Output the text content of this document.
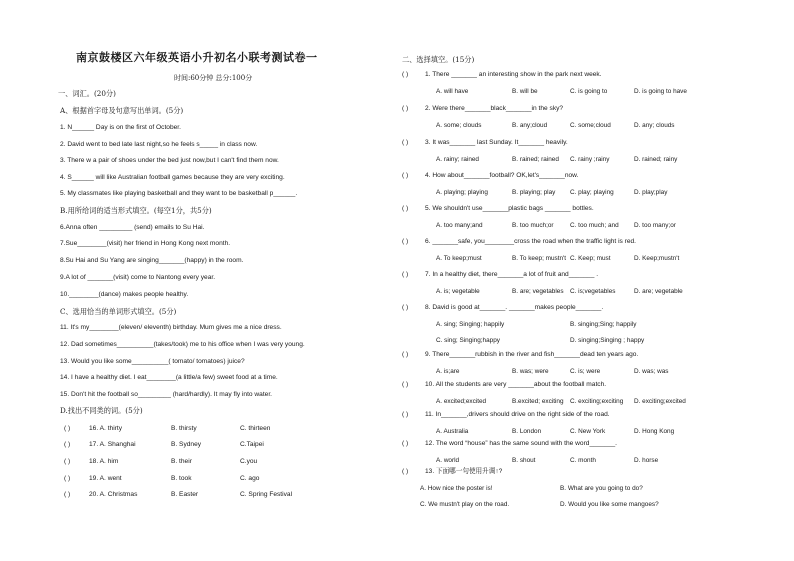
南京鼓楼区六年级英语小升初名小联考测试卷一
时间:60分钟 总分:100分
一、词汇。(20分)
A、根据首字母及句意写出单词。(5分)
1. N______ Day is on the first of October.
2. David went to bed late last night,so he feels s_____ in class now.
3. There w a pair of shoes under the bed just now,but I can't find them now.
4. S______ will like Australian football games because they are very exciting.
5. My classmates like playing basketball and they want to be basketball p______.
B.用所给词的适当形式填空。(每空1分，共5分)
6.Anna often _________ (send) emails to Su Hai.
7.Sue________(visit) her friend in Hong Kong next month.
8.Su Hai and Su Yang are singing_______(happy) in the room.
9.A lot of _______(visit) come to Nantong every year.
10.________(dance) makes people healthy.
C、选用恰当的单词形式填空。(5分)
11. It's my________(eleven/ eleventh) birthday. Mum gives me a nice dress.
12. Dad sometimes__________(takes/took) me to his office when I was very young.
13. Would you like some__________( tomato/ tomatoes) juice?
14. I have a healthy diet. I eat________(a little/a few) sweet food at a time.
15. Don't hit the football so_________ (hard/hardly). It may fly into water.
D.找出不同类的词。(5分)
( )	16. A. thirty	B. thirsty	C. thirteen
( )	17. A. Shanghai	B. Sydney	C.Taipei
( )	18. A. him	B. their	C.you
( )	19. A. went	B. took	C. ago
( )	20. A. Christmas	B. Easter	C. Spring Festival
二、选择填空。(15分)
( )	1. There _______ an interesting show in the park next week.
A. will have	B. will be	C. is going to	D. is going to have
( )	2. Were there_______black_______in the sky?
A. some; clouds	B. any;cloud	C. some;cloud	D. any; clouds
( )	3. It was_______ last Sunday. It_______ heavily.
A. rainy; rained	B. rained; rained C. rainy ;rainy	D. rained; rainy
( )	4. How about_______football? OK,let's_______now.
A. playing; playing	B. playing; play C. play; playing	D. play;play
( )	5. We shouldn't use_______plastic bags _______ bottles.
A. too many;and	B. too much;or	C. too much; and D. too many;or
( )	6. _______safe, you________cross the road when the traffic light is red.
A. To keep;must	B. To keep; mustn't C. Keep; must	D. Keep;mustn't
( )	7. In a healthy diet, there_______a lot of fruit and_______ .
A. is; vegetable	B. are; vegetables C. is;vegetables	D. are; vegetable
( )	8. David is good at_______. _______makes people_______.
A. sing; Singing; happily	B. singing;Sing; happily
C. sing; Singing;happy	D. singing;Singing ; happy
( )	9. There_______rubbish in the river and fish_______dead ten years ago.
A. is;are	B. was; were	C. is; were	D. was; was
( )	10. All the students are very _______about the football match.
A. excited;excited	B.excited; exciting C. exciting;exciting D. exciting;excited
( )	11. In_______,drivers should drive on the right side of the road.
A. Australia	B. London	C. New York	D. Hong Kong
( )	12. The word “house” has the same sound with the word_______.
A. world	B. shout	C. month	D. horse
( )	13. 下面哪一句使用升调↑?
A. How nice the poster is!	B. What are you going to do?
C. We mustn't play on the road.	D. Would you like some mangoes?
